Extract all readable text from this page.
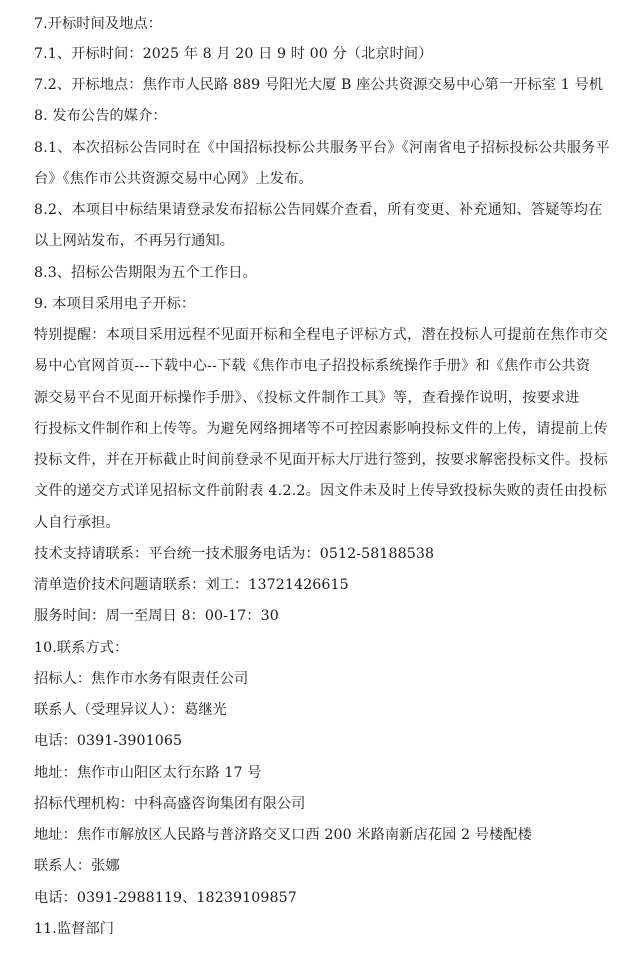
7.开标时间及地点：
7.1、开标时间：2025 年 8 月 20 日 9 时 00 分（北京时间）
7.2、开标地点：焦作市人民路 889 号阳光大厦 B 座公共资源交易中心第一开标室 1 号机
8. 发布公告的媒介：
8.1、本次招标公告同时在《中国招标投标公共服务平台》《河南省电子招标投标公共服务平
台》《焦作市公共资源交易中心网》上发布。
8.2、本项目中标结果请登录发布招标公告同媒介查看，所有变更、补充通知、答疑等均在
以上网站发布，不再另行通知。
8.3、招标公告期限为五个工作日。
9. 本项目采用电子开标：
特别提醒：本项目采用远程不见面开标和全程电子评标方式，潜在投标人可提前在焦作市交
易中心官网首页---下载中心--下载《焦作市电子招投标系统操作手册》和《焦作市公共资
源交易平台不见面开标操作手册》、《投标文件制作工具》等，查看操作说明，按要求进
行投标文件制作和上传等。为避免网络拥堵等不可控因素影响投标文件的上传，请提前上传
投标文件，并在开标截止时间前登录不见面开标大厅进行签到，按要求解密投标文件。投标
文件的递交方式详见招标文件前附表 4.2.2。因文件未及时上传导致投标失败的责任由投标
人自行承担。
技术支持请联系：平台统一技术服务电话为：0512-58188538
清单造价技术问题请联系：刘工：13721426615
服务时间：周一至周日 8：00-17：30
10.联系方式：
招标人：焦作市水务有限责任公司
联系人（受理异议人）：葛继光
电话：0391-3901065
地址：焦作市山阳区太行东路 17 号
招标代理机构：中科高盛咨询集团有限公司
地址：焦作市解放区人民路与普济路交叉口西 200 米路南新店花园 2 号楼配楼
联系人：张娜
电话：0391-2988119、18239109857
11.监督部门
